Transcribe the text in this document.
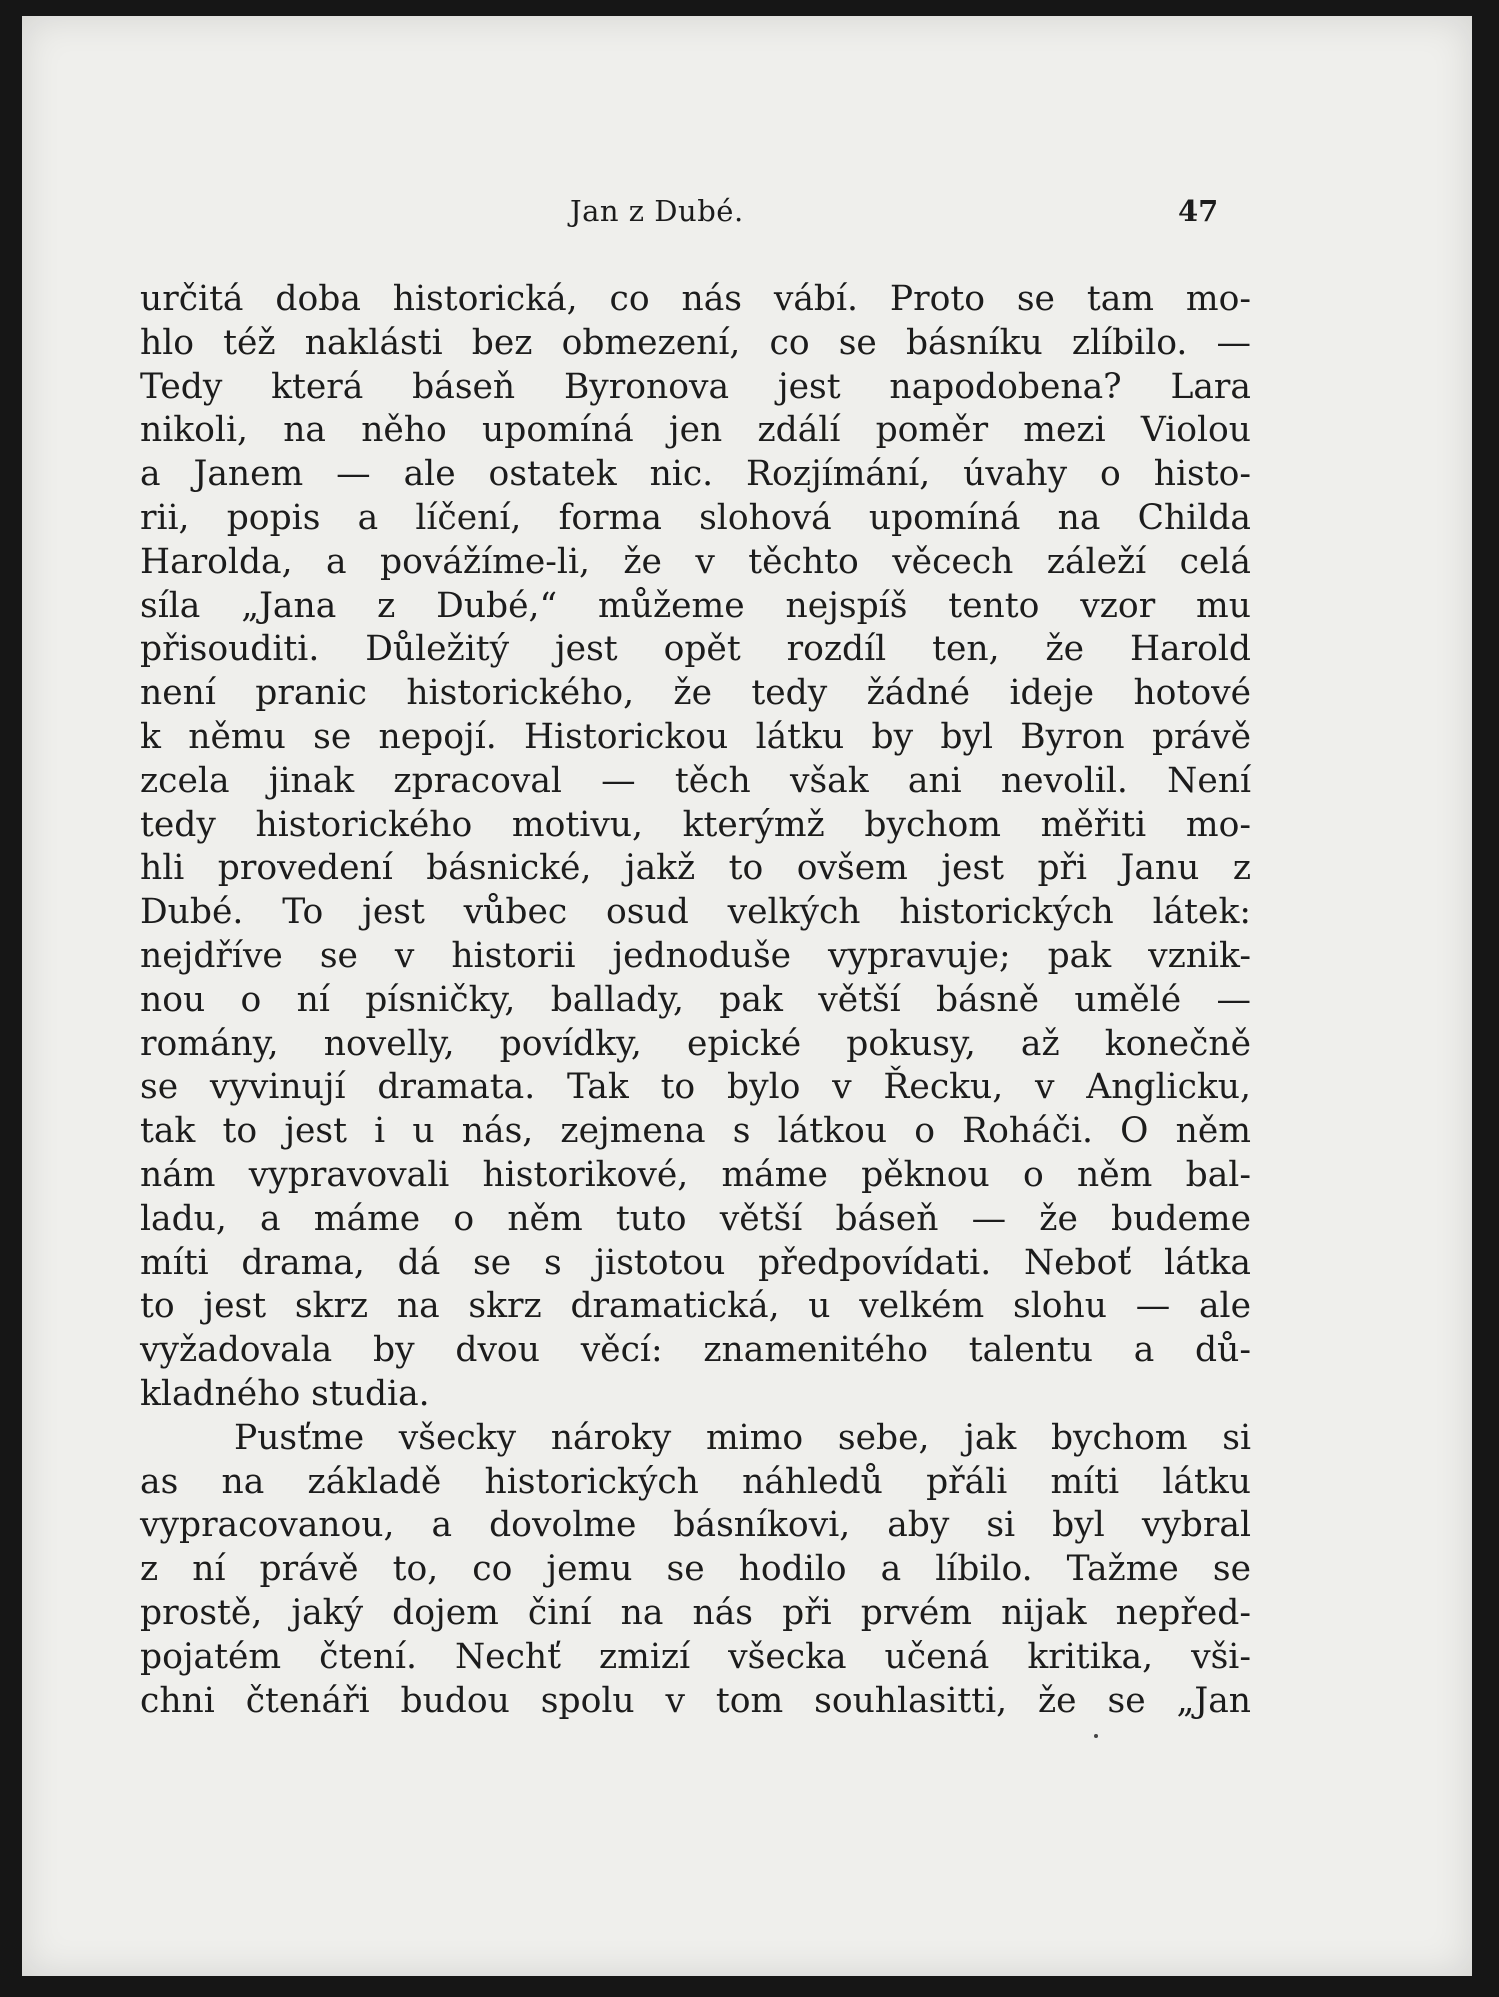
Jan z Dubé.	47
určitá doba historická, co nás vábí. Proto se tam mo-
hlo též naklásti bez obmezení, co se básníku zlíbilo. —
Tedy která báseň Byronova jest napodobena? Lara
nikoli, na něho upomíná jen zdálí poměr mezi Violou
a Janem — ale ostatek nic. Rozjímání, úvahy o histo-
rii, popis a líčení, forma slohová upomíná na Childa
Harolda, a povážíme-li, že v těchto věcech záleží celá
síla „Jana z Dubé,“ můžeme nejspíš tento vzor mu
přisouditi. Důležitý jest opět rozdíl ten, že Harold
není pranic historického, že tedy žádné ideje hotové
k němu se nepojí. Historickou látku by byl Byron právě
zcela jinak zpracoval — těch však ani nevolil. Není
tedy historického motivu, kterýmž bychom měřiti mo-
hli provedení básnické, jakž to ovšem jest při Janu z
Dubé. To jest vůbec osud velkých historických látek:
nejdříve se v historii jednoduše vypravuje; pak vznik-
nou o ní písničky, ballady, pak větší básně umělé —
romány, novelly, povídky, epické pokusy, až konečně
se vyvinují dramata. Tak to bylo v Řecku, v Anglicku,
tak to jest i u nás, zejmena s látkou o Roháči. O něm
nám vypravovali historikové, máme pěknou o něm bal-
ladu, a máme o něm tuto větší báseň — že budeme
míti drama, dá se s jistotou předpovídati. Neboť látka
to jest skrz na skrz dramatická, u velkém slohu — ale
vyžadovala by dvou věcí: znamenitého talentu a dů-
kladného studia.
Pusťme všecky nároky mimo sebe, jak bychom si
as na základě historických náhledů přáli míti látku
vypracovanou, a dovolme básníkovi, aby si byl vybral
z ní právě to, co jemu se hodilo a líbilo. Tažme se
prostě, jaký dojem činí na nás při prvém nijak nepřed-
pojatém čtení. Nechť zmizí všecka učená kritika, vši-
chni čtenáři budou spolu v tom souhlasitti, že se „Jan
